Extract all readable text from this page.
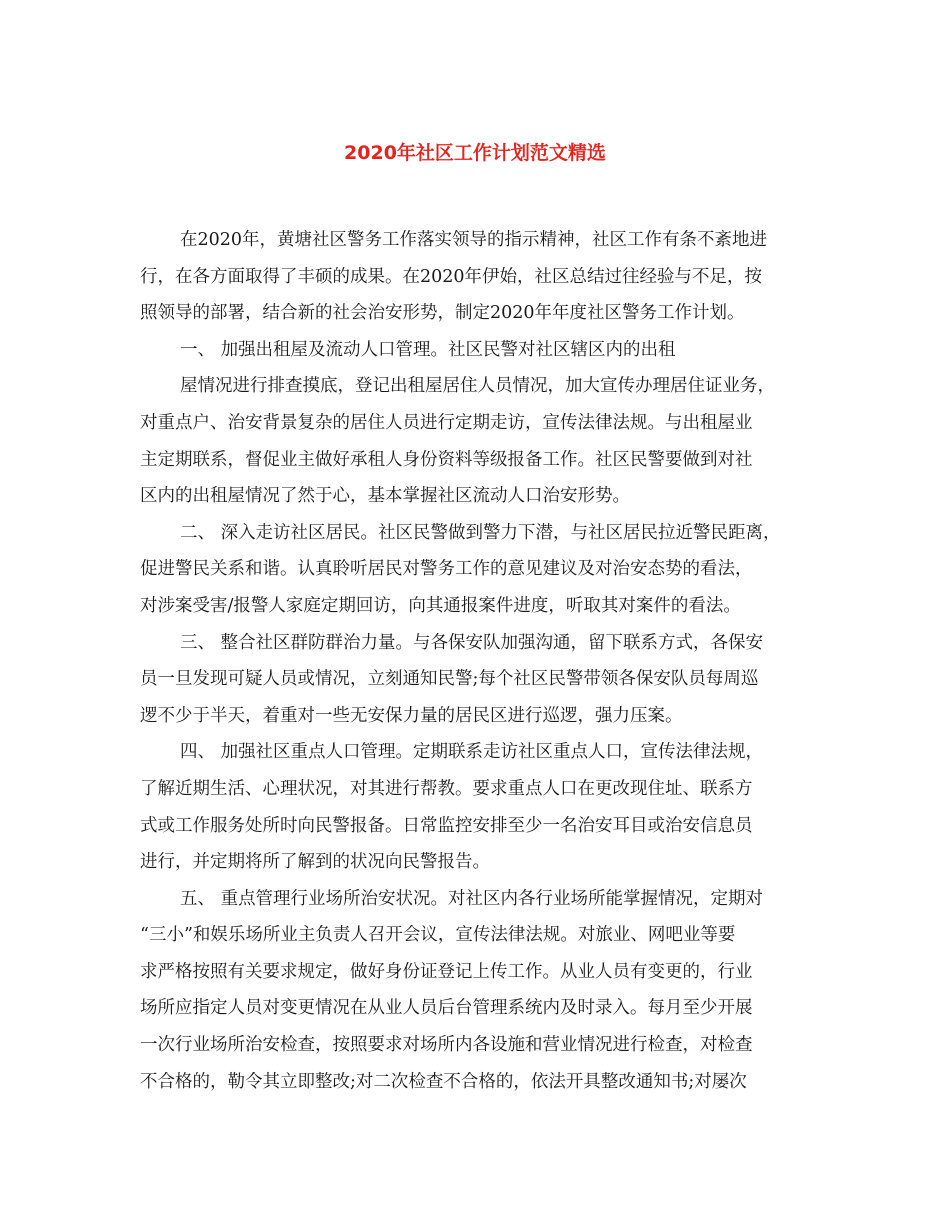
2020年社区工作计划范文精选
在2020年，黄塘社区警务工作落实领导的指示精神，社区工作有条不紊地进
行，在各方面取得了丰硕的成果。在2020年伊始，社区总结过往经验与不足，按
照领导的部署，结合新的社会治安形势，制定2020年年度社区警务工作计划。
一、 加强出租屋及流动人口管理。社区民警对社区辖区内的出租
屋情况进行排查摸底，登记出租屋居住人员情况，加大宣传办理居住证业务，
对重点户、治安背景复杂的居住人员进行定期走访，宣传法律法规。与出租屋业
主定期联系，督促业主做好承租人身份资料等级报备工作。社区民警要做到对社
区内的出租屋情况了然于心，基本掌握社区流动人口治安形势。
二、 深入走访社区居民。社区民警做到警力下潜，与社区居民拉近警民距离，
促进警民关系和谐。认真聆听居民对警务工作的意见建议及对治安态势的看法，
对涉案受害/报警人家庭定期回访，向其通报案件进度，听取其对案件的看法。
三、 整合社区群防群治力量。与各保安队加强沟通，留下联系方式，各保安
员一旦发现可疑人员或情况，立刻通知民警;每个社区民警带领各保安队员每周巡
逻不少于半天，着重对一些无安保力量的居民区进行巡逻，强力压案。
四、 加强社区重点人口管理。定期联系走访社区重点人口，宣传法律法规，
了解近期生活、心理状况，对其进行帮教。要求重点人口在更改现住址、联系方
式或工作服务处所时向民警报备。日常监控安排至少一名治安耳目或治安信息员
进行，并定期将所了解到的状况向民警报告。
五、 重点管理行业场所治安状况。对社区内各行业场所能掌握情况，定期对
“三小”和娱乐场所业主负责人召开会议，宣传法律法规。对旅业、网吧业等要
求严格按照有关要求规定，做好身份证登记上传工作。从业人员有变更的，行业
场所应指定人员对变更情况在从业人员后台管理系统内及时录入。每月至少开展
一次行业场所治安检查，按照要求对场所内各设施和营业情况进行检查，对检查
不合格的，勒令其立即整改;对二次检查不合格的，依法开具整改通知书;对屡次
